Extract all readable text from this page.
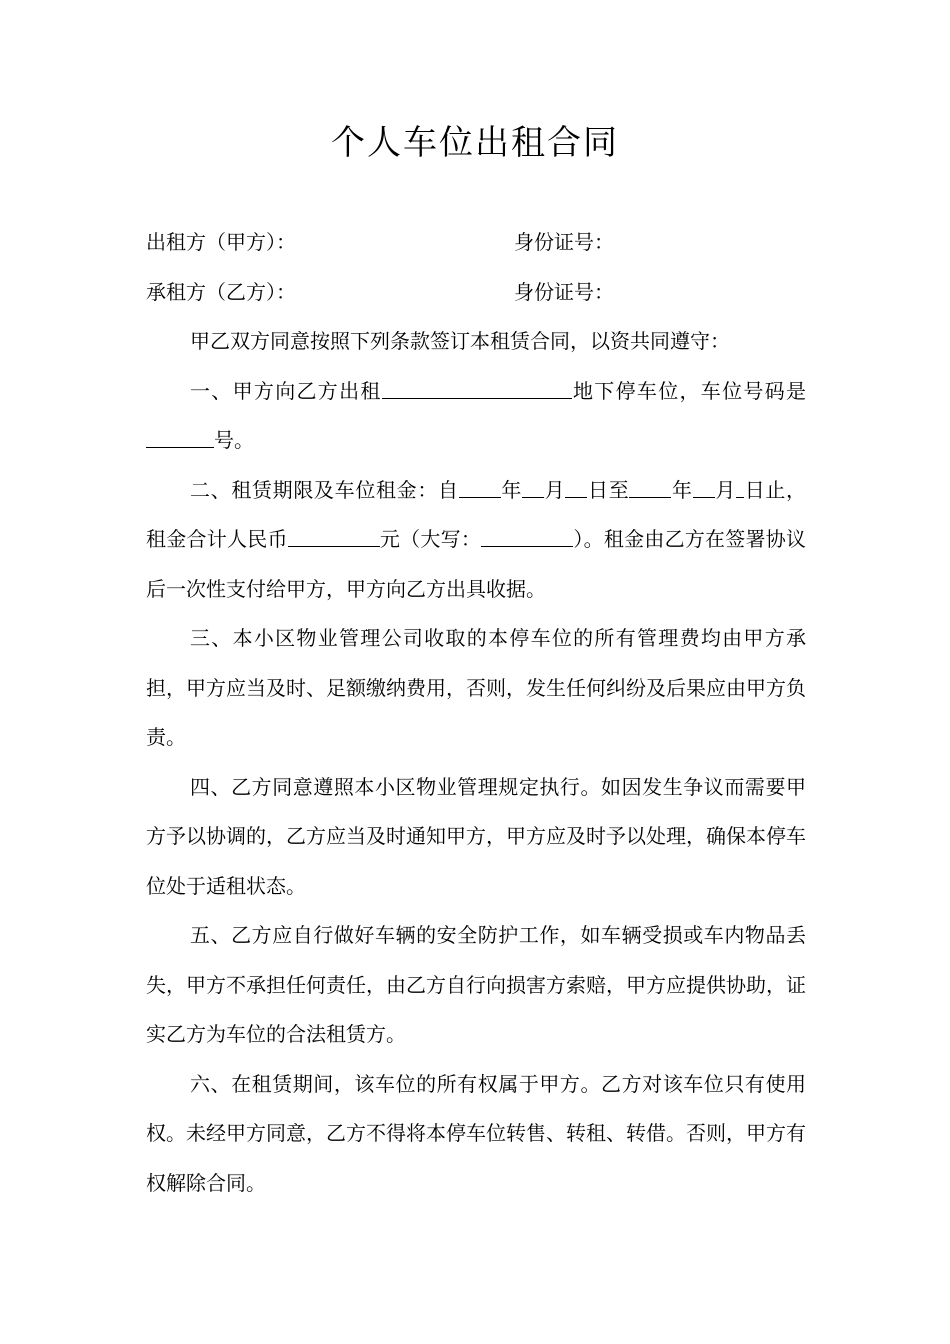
个人车位出租合同
出租方（甲方）：	身份证号：
承租方（乙方）：	身份证号：

甲乙双方同意按照下列条款签订本租赁合同，以资共同遵守：

一、甲方向乙方出租	地下停车位，车位号码是号。

二、租赁期限及车位租金：自 年 月 日至 年 月 日止，租金合计人民币	元（大写：	）。租金由乙方在签署协议后一次性支付给甲方，甲方向乙方出具收据。

三、本小区物业管理公司收取的本停车位的所有管理费均由甲方承担，甲方应当及时、足额缴纳费用，否则，发生任何纠纷及后果应由甲方负责。

四、乙方同意遵照本小区物业管理规定执行。如因发生争议而需要甲方予以协调的，乙方应当及时通知甲方，甲方应及时予以处理，确保本停车位处于适租状态。

五、乙方应自行做好车辆的安全防护工作，如车辆受损或车内物品丢失，甲方不承担任何责任，由乙方自行向损害方索赔，甲方应提供协助，证实乙方为车位的合法租赁方。

六、在租赁期间，该车位的所有权属于甲方。乙方对该车位只有使用权。未经甲方同意，乙方不得将本停车位转售、转租、转借。否则，甲方有权解除合同。
